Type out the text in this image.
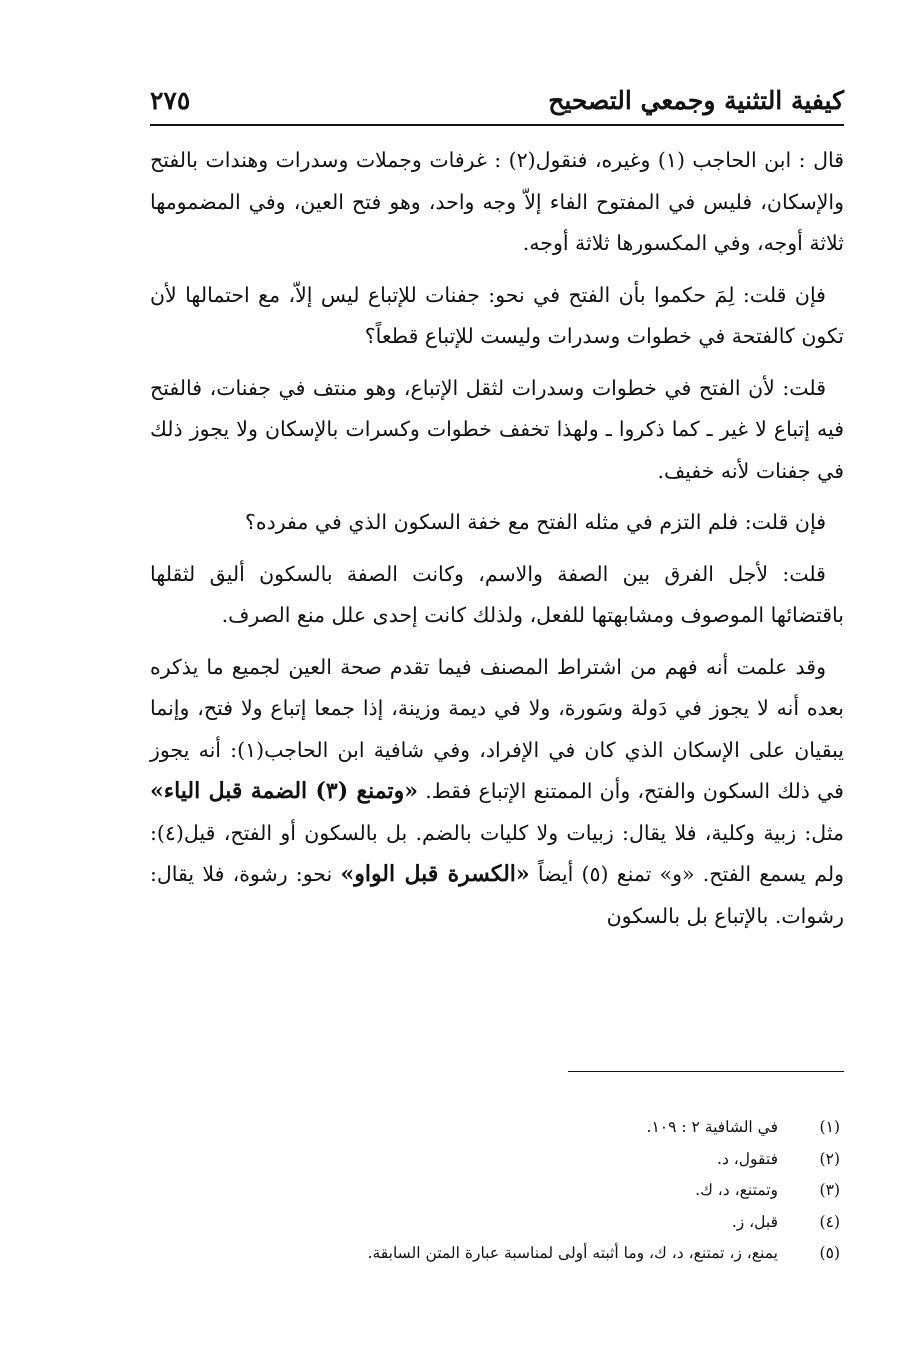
كيفية التثنية وجمعي التصحيح
٢٧٥

قال : ابن الحاجب (١) وغيره، فنقول(٢) : غرفات وجملات وسدرات وهندات بالفتح والإسكان، فليس في المفتوح الفاء إلاّ وجه واحد، وهو فتح العين، وفي المضمومها ثلاثة أوجه، وفي المكسورها ثلاثة أوجه.

فإن قلت: لِمَ حكموا بأن الفتح في نحو: جفنات للإتباع ليس إلاّ، مع احتمالها لأن تكون كالفتحة في خطوات وسدرات وليست للإتباع قطعاً؟

قلت: لأن الفتح في خطوات وسدرات لثقل الإتباع، وهو منتف في جفنات، فالفتح فيه إتباع لا غير ـ كما ذكروا ـ ولهذا تخفف خطوات وكسرات بالإسكان ولا يجوز ذلك في جفنات لأنه خفيف.

فإن قلت: فلم التزم في مثله الفتح مع خفة السكون الذي في مفرده؟

قلت: لأجل الفرق بين الصفة والاسم، وكانت الصفة بالسكون أليق لثقلها باقتضائها الموصوف ومشابهتها للفعل، ولذلك كانت إحدى علل منع الصرف.

وقد علمت أنه فهم من اشتراط المصنف فيما تقدم صحة العين لجميع ما يذكره بعده أنه لا يجوز في دَولة وسَورة، ولا في ديمة وزينة، إذا جمعا إتباع ولا فتح، وإنما يبقيان على الإسكان الذي كان في الإفراد، وفي شافية ابن الحاجب(١): أنه يجوز في ذلك السكون والفتح، وأن الممتنع الإتباع فقط. «وتمنع (٣) الضمة قبل الياء» مثل: زبية وكلية، فلا يقال: زبيات ولا كليات بالضم. بل بالسكون أو الفتح، قيل(٤): ولم يسمع الفتح. «و» تمنع (٥) أيضاً «الكسرة قبل الواو» نحو: رشوة، فلا يقال: رشوات. بالإتباع بل بالسكون

(١)
في الشافية ٢ : ١٠٩.
(٢)
فتقول، د.
(٣)
وتمتنع، د، ك.
(٤)
قبل، ز.
(٥)
يمنع، ز، تمتنع، د، ك، وما أثبته أولى لمناسبة عبارة المتن السابقة.
